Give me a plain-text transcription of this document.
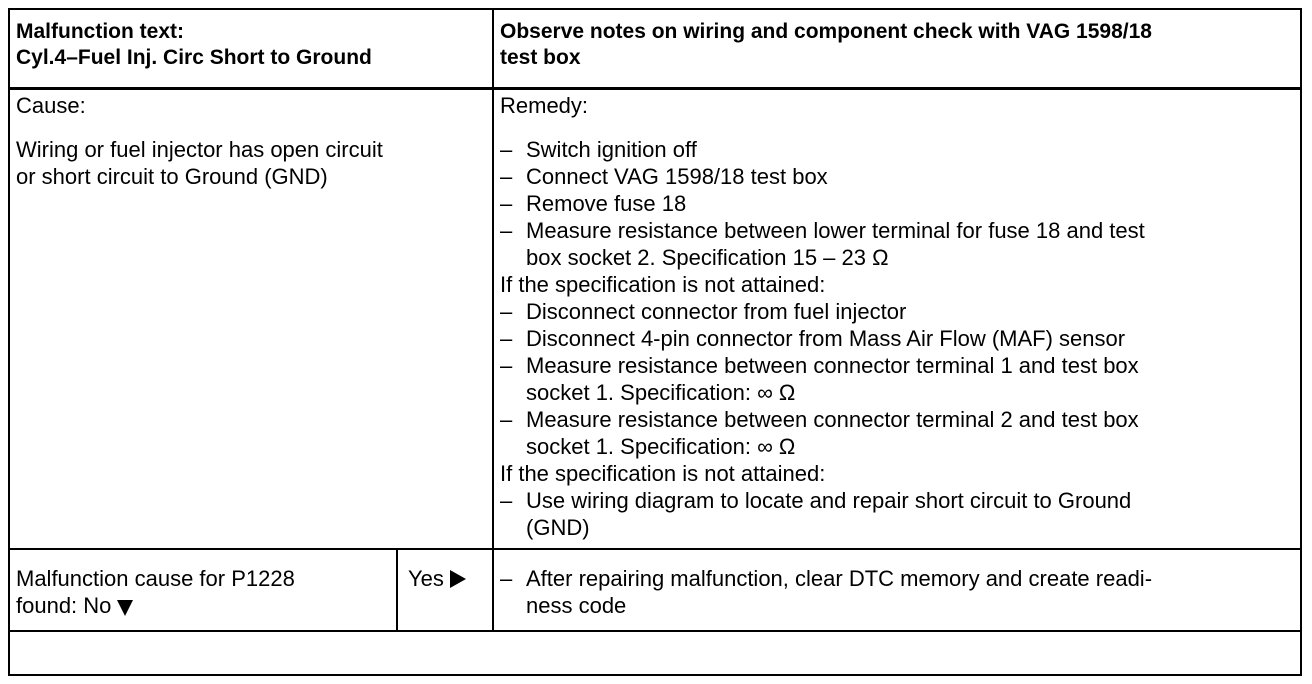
Malfunction text:
Cyl.4–Fuel Inj. Circ Short to Ground
Observe notes on wiring and component check with VAG 1598/18
test box

Cause:

Wiring or fuel injector has open circuit

or short circuit to Ground (GND)

Remedy:

– Switch ignition off
– Connect VAG 1598/18 test box
– Remove fuse 18
– Measure resistance between lower terminal for fuse 18 and test
box socket 2. Specification 15 – 23 Ω

If the specification is not attained:

– Disconnect connector from fuel injector
– Disconnect 4-pin connector from Mass Air Flow (MAF) sensor
– Measure resistance between connector terminal 1 and test box
socket 1. Specification: ∞ Ω
– Measure resistance between connector terminal 2 and test box
socket 1. Specification: ∞ Ω

If the specification is not attained:

– Use wiring diagram to locate and repair short circuit to Ground
(GND)
Malfunction cause for P1228
found: No
Yes	– After repairing malfunction, clear DTC memory and create readi-
ness code
